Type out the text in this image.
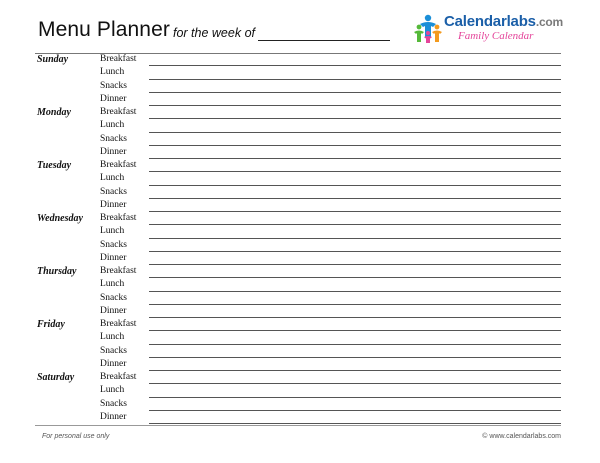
Menu Planner for the week of
Calendarlabs.com
Family Calendar
Sunday	Breakfast
Lunch
Snacks
Dinner
Monday	Breakfast
Lunch
Snacks
Dinner
Tuesday	Breakfast
Lunch
Snacks
Dinner
Wednesday Breakfast
Lunch
Snacks
Dinner
Thursday Breakfast
Lunch
Snacks
Dinner
Friday	Breakfast
Lunch
Snacks
Dinner
Saturday	Breakfast
Lunch
Snacks
Dinner
For personal use only	© www.calendarlabs.com
